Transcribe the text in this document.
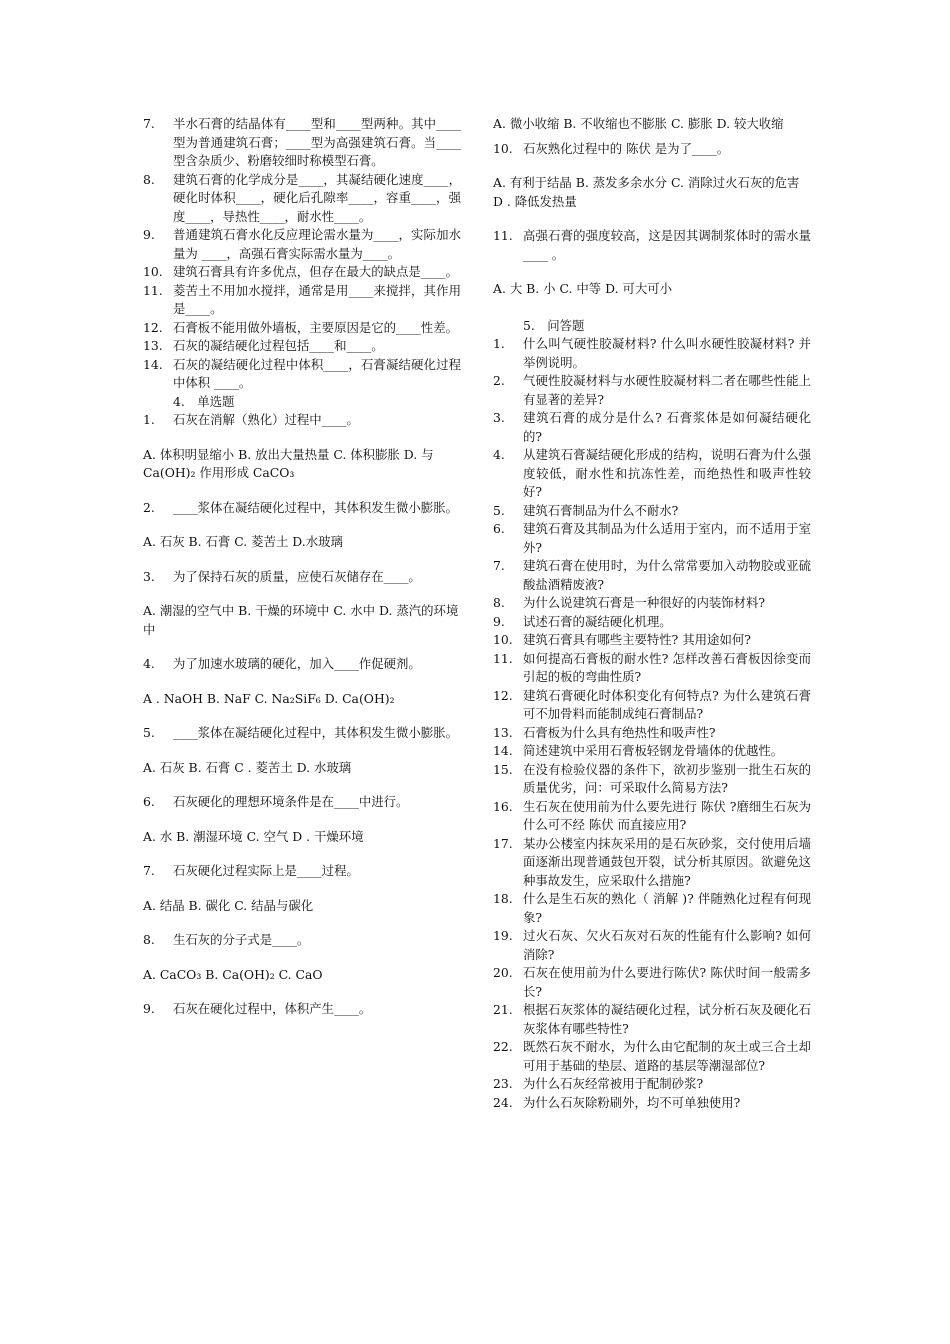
7.	半水石膏的结晶体有____型和____型两种。其中____型为普通建筑石膏；____型为高强建筑石膏。当____型含杂质少、粉磨较细时称模型石膏。
8.	建筑石膏的化学成分是____，其凝结硬化速度____，硬化时体积____，硬化后孔隙率____，容重____，强度____，导热性____，耐水性____。
9.	普通建筑石膏水化反应理论需水量为____，实际加水量为 ____，高强石膏实际需水量为____。
10. 建筑石膏具有许多优点，但存在最大的缺点是____。
11. 菱苦土不用加水搅拌，通常是用____来搅拌，其作用是____。
12. 石膏板不能用做外墙板，主要原因是它的____性差。
13. 石灰的凝结硬化过程包括____和____。
14. 石灰的凝结硬化过程中体积____，石膏凝结硬化过程中体积 ____。
4.　单选题
1.	石灰在消解（熟化）过程中____。
A. 体积明显缩小 B. 放出大量热量 C. 体积膨胀 D. 与 Ca(OH)₂ 作用形成 CaCO₃
2.	____浆体在凝结硬化过程中，其体积发生微小膨胀。
A. 石灰 B. 石膏 C. 菱苦土 D.水玻璃
3.	为了保持石灰的质量，应使石灰储存在____。
A. 潮湿的空气中 B. 干燥的环境中 C. 水中 D. 蒸汽的环境中
4.	为了加速水玻璃的硬化，加入____作促硬剂。
A . NaOH B. NaF C. Na₂SiF₆ D. Ca(OH)₂
5.	____浆体在凝结硬化过程中，其体积发生微小膨胀。
A. 石灰 B. 石膏 C . 菱苦土 D. 水玻璃
6.	石灰硬化的理想环境条件是在____中进行。
A. 水 B. 潮湿环境 C. 空气 D . 干燥环境
7.	石灰硬化过程实际上是____过程。
A. 结晶 B. 碳化 C. 结晶与碳化
8.	生石灰的分子式是____。
A. CaCO₃ B. Ca(OH)₂ C. CaO
9.	石灰在硬化过程中，体积产生____。
A. 微小收缩 B. 不收缩也不膨胀 C. 膨胀 D. 较大收缩
10. 石灰熟化过程中的 陈伏 是为了____。
A. 有利于结晶 B. 蒸发多余水分 C. 消除过火石灰的危害 D . 降低发热量
11. 高强石膏的强度较高，这是因其调制浆体时的需水量____ 。
A. 大 B. 小 C. 中等 D. 可大可小
5.　问答题
1.	什么叫气硬性胶凝材料? 什么叫水硬性胶凝材料? 并举例说明。
2.	气硬性胶凝材料与水硬性胶凝材料二者在哪些性能上有显著的差异?
3.	建筑石膏的成分是什么? 石膏浆体是如何凝结硬化的?
4.	从建筑石膏凝结硬化形成的结构，说明石膏为什么强度较低，耐水性和抗冻性差，而绝热性和吸声性较好?
5.	建筑石膏制品为什么不耐水?
6.	建筑石膏及其制品为什么适用于室内，而不适用于室外?
7.	建筑石膏在使用时，为什么常常要加入动物胶或亚硫酸盐酒精废液?
8.	为什么说建筑石膏是一种很好的内装饰材料?
9.	试述石膏的凝结硬化机理。
10. 建筑石膏具有哪些主要特性? 其用途如何?
11. 如何提高石膏板的耐水性? 怎样改善石膏板因徐变而引起的板的弯曲性质?
12. 建筑石膏硬化时体积变化有何特点? 为什么建筑石膏可不加骨料而能制成纯石膏制品?
13. 石膏板为什么具有绝热性和吸声性?
14. 简述建筑中采用石膏板轻钢龙骨墙体的优越性。
15. 在没有检验仪器的条件下，欲初步鉴别一批生石灰的质量优劣，问：可采取什么简易方法?
16. 生石灰在使用前为什么要先进行 陈伏 ?磨细生石灰为什么可不经 陈伏 而直接应用?
17. 某办公楼室内抹灰采用的是石灰砂浆，交付使用后墙面逐渐出现普通鼓包开裂，试分析其原因。欲避免这种事故发生，应采取什么措施?
18. 什么是生石灰的熟化（ 消解 )? 伴随熟化过程有何现象?
19. 过火石灰、欠火石灰对石灰的性能有什么影响? 如何消除?
20. 石灰在使用前为什么要进行陈伏? 陈伏时间一般需多长?
21. 根据石灰浆体的凝结硬化过程，试分析石灰及硬化石灰浆体有哪些特性?
22. 既然石灰不耐水，为什么由它配制的灰土或三合土却可用于基础的垫层、道路的基层等潮湿部位?
23. 为什么石灰经常被用于配制砂浆?
24. 为什么石灰除粉刷外，均不可单独使用?
